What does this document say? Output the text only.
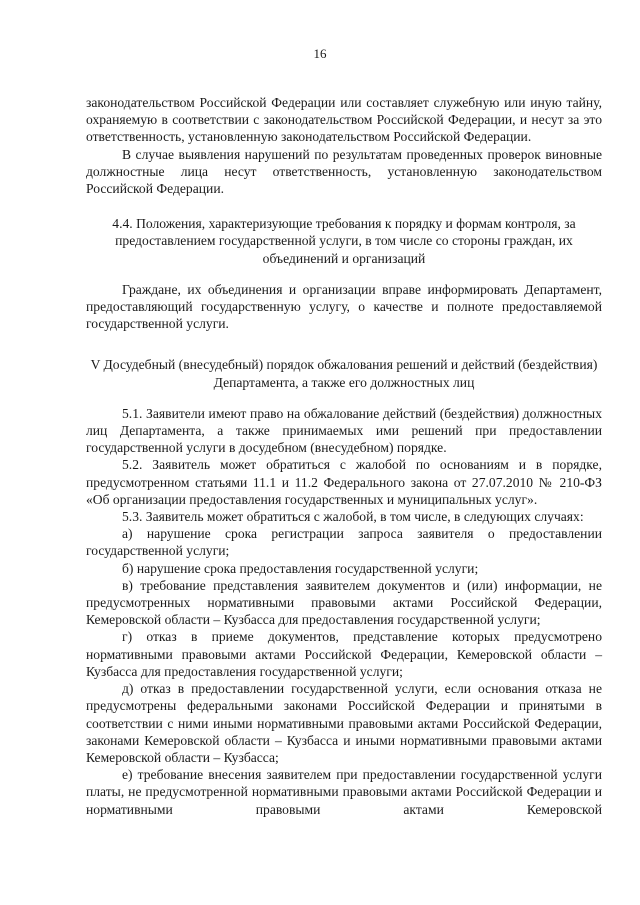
16

законодательством Российской Федерации или составляет служебную или иную тайну, охраняемую в соответствии с законодательством Российской Федерации, и несут за это ответственность, установленную законодательством Российской Федерации.

В случае выявления нарушений по результатам проведенных проверок виновные должностные лица несут ответственность, установленную законодательством Российской Федерации.

4.4. Положения, характеризующие требования к порядку и формам контроля, за предоставлением государственной услуги, в том числе со стороны граждан, их объединений и организаций

Граждане, их объединения и организации вправе информировать Департамент, предоставляющий государственную услугу, о качестве и полноте предоставляемой государственной услуги.

V Досудебный (внесудебный) порядок обжалования решений и действий (бездействия) Департамента, а также его должностных лиц

5.1. Заявители имеют право на обжалование действий (бездействия) должностных лиц Департамента, а также принимаемых ими решений при предоставлении государственной услуги в досудебном (внесудебном) порядке.

5.2. Заявитель может обратиться с жалобой по основаниям и в порядке, предусмотренном статьями 11.1 и 11.2 Федерального закона от 27.07.2010 № 210-ФЗ «Об организации предоставления государственных и муниципальных услуг».

5.3. Заявитель может обратиться с жалобой, в том числе, в следующих случаях:

а) нарушение срока регистрации запроса заявителя о предоставлении государственной услуги;

б) нарушение срока предоставления государственной услуги;

в) требование представления заявителем документов и (или) информации, не предусмотренных нормативными правовыми актами Российской Федерации, Кемеровской области – Кузбасса для предоставления государственной услуги;

г) отказ в приеме документов, представление которых предусмотрено нормативными правовыми актами Российской Федерации, Кемеровской области – Кузбасса для предоставления государственной услуги;

д) отказ в предоставлении государственной услуги, если основания отказа не предусмотрены федеральными законами Российской Федерации и принятыми в соответствии с ними иными нормативными правовыми актами Российской Федерации, законами Кемеровской области – Кузбасса и иными нормативными правовыми актами Кемеровской области – Кузбасса;

е) требование внесения заявителем при предоставлении государственной услуги платы, не предусмотренной нормативными правовыми актами Российской Федерации и нормативными правовыми актами Кемеровской
